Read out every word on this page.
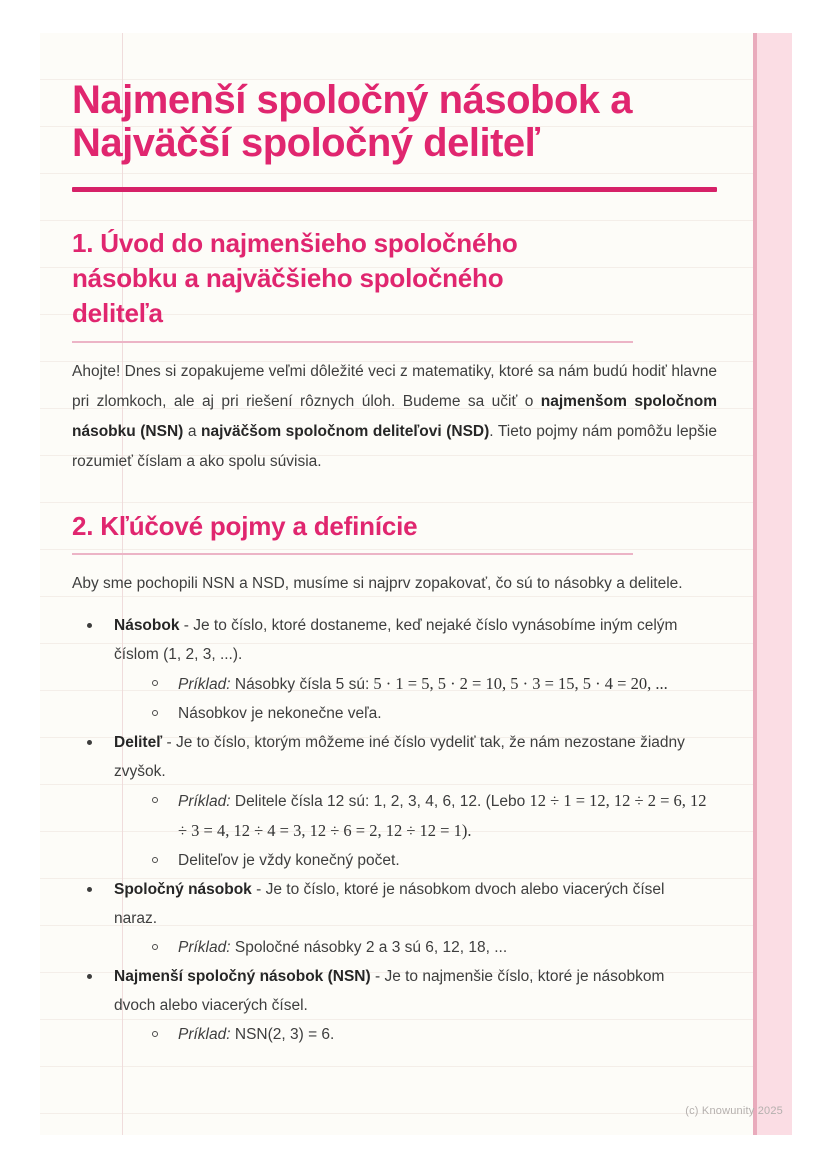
Najmenší spoločný násobok a
Najväčší spoločný deliteľ
1. Úvod do najmenšieho spoločného
násobku a najväčšieho spoločného
deliteľa

Ahojte! Dnes si zopakujeme veľmi dôležité veci z matematiky, ktoré sa nám budú hodiť hlavne pri zlomkoch, ale aj pri riešení rôznych úloh. Budeme sa učiť o najmenšom spoločnom násobku (NSN) a najväčšom spoločnom deliteľovi (NSD). Tieto pojmy nám pomôžu lepšie rozumieť číslam a ako spolu súvisia.

2. Kľúčové pojmy a definície

Aby sme pochopili NSN a NSD, musíme si najprv zopakovať, čo sú to násobky a delitele.

Násobok - Je to číslo, ktoré dostaneme, keď nejaké číslo vynásobíme iným celým číslom (1, 2, 3, ...).

Príklad: Násobky čísla 5 sú: 5 · 1 = 5, 5 · 2 = 10, 5 · 3 = 15, 5 · 4 = 20, ...

Násobkov je nekonečne veľa.

Deliteľ - Je to číslo, ktorým môžeme iné číslo vydeliť tak, že nám nezostane žiadny zvyšok.

Príklad: Delitele čísla 12 sú: 1, 2, 3, 4, 6, 12. (Lebo 12 ÷ 1 = 12, 12 ÷ 2 = 6, 12 ÷ 3 = 4, 12 ÷ 4 = 3, 12 ÷ 6 = 2, 12 ÷ 12 = 1).

Deliteľov je vždy konečný počet.

Spoločný násobok - Je to číslo, ktoré je násobkom dvoch alebo viacerých čísel naraz.

Príklad: Spoločné násobky 2 a 3 sú 6, 12, 18, ...

Najmenší spoločný násobok (NSN) - Je to najmenšie číslo, ktoré je násobkom dvoch alebo viacerých čísel.

Príklad: NSN(2, 3) = 6.

(c) Knowunity 2025
